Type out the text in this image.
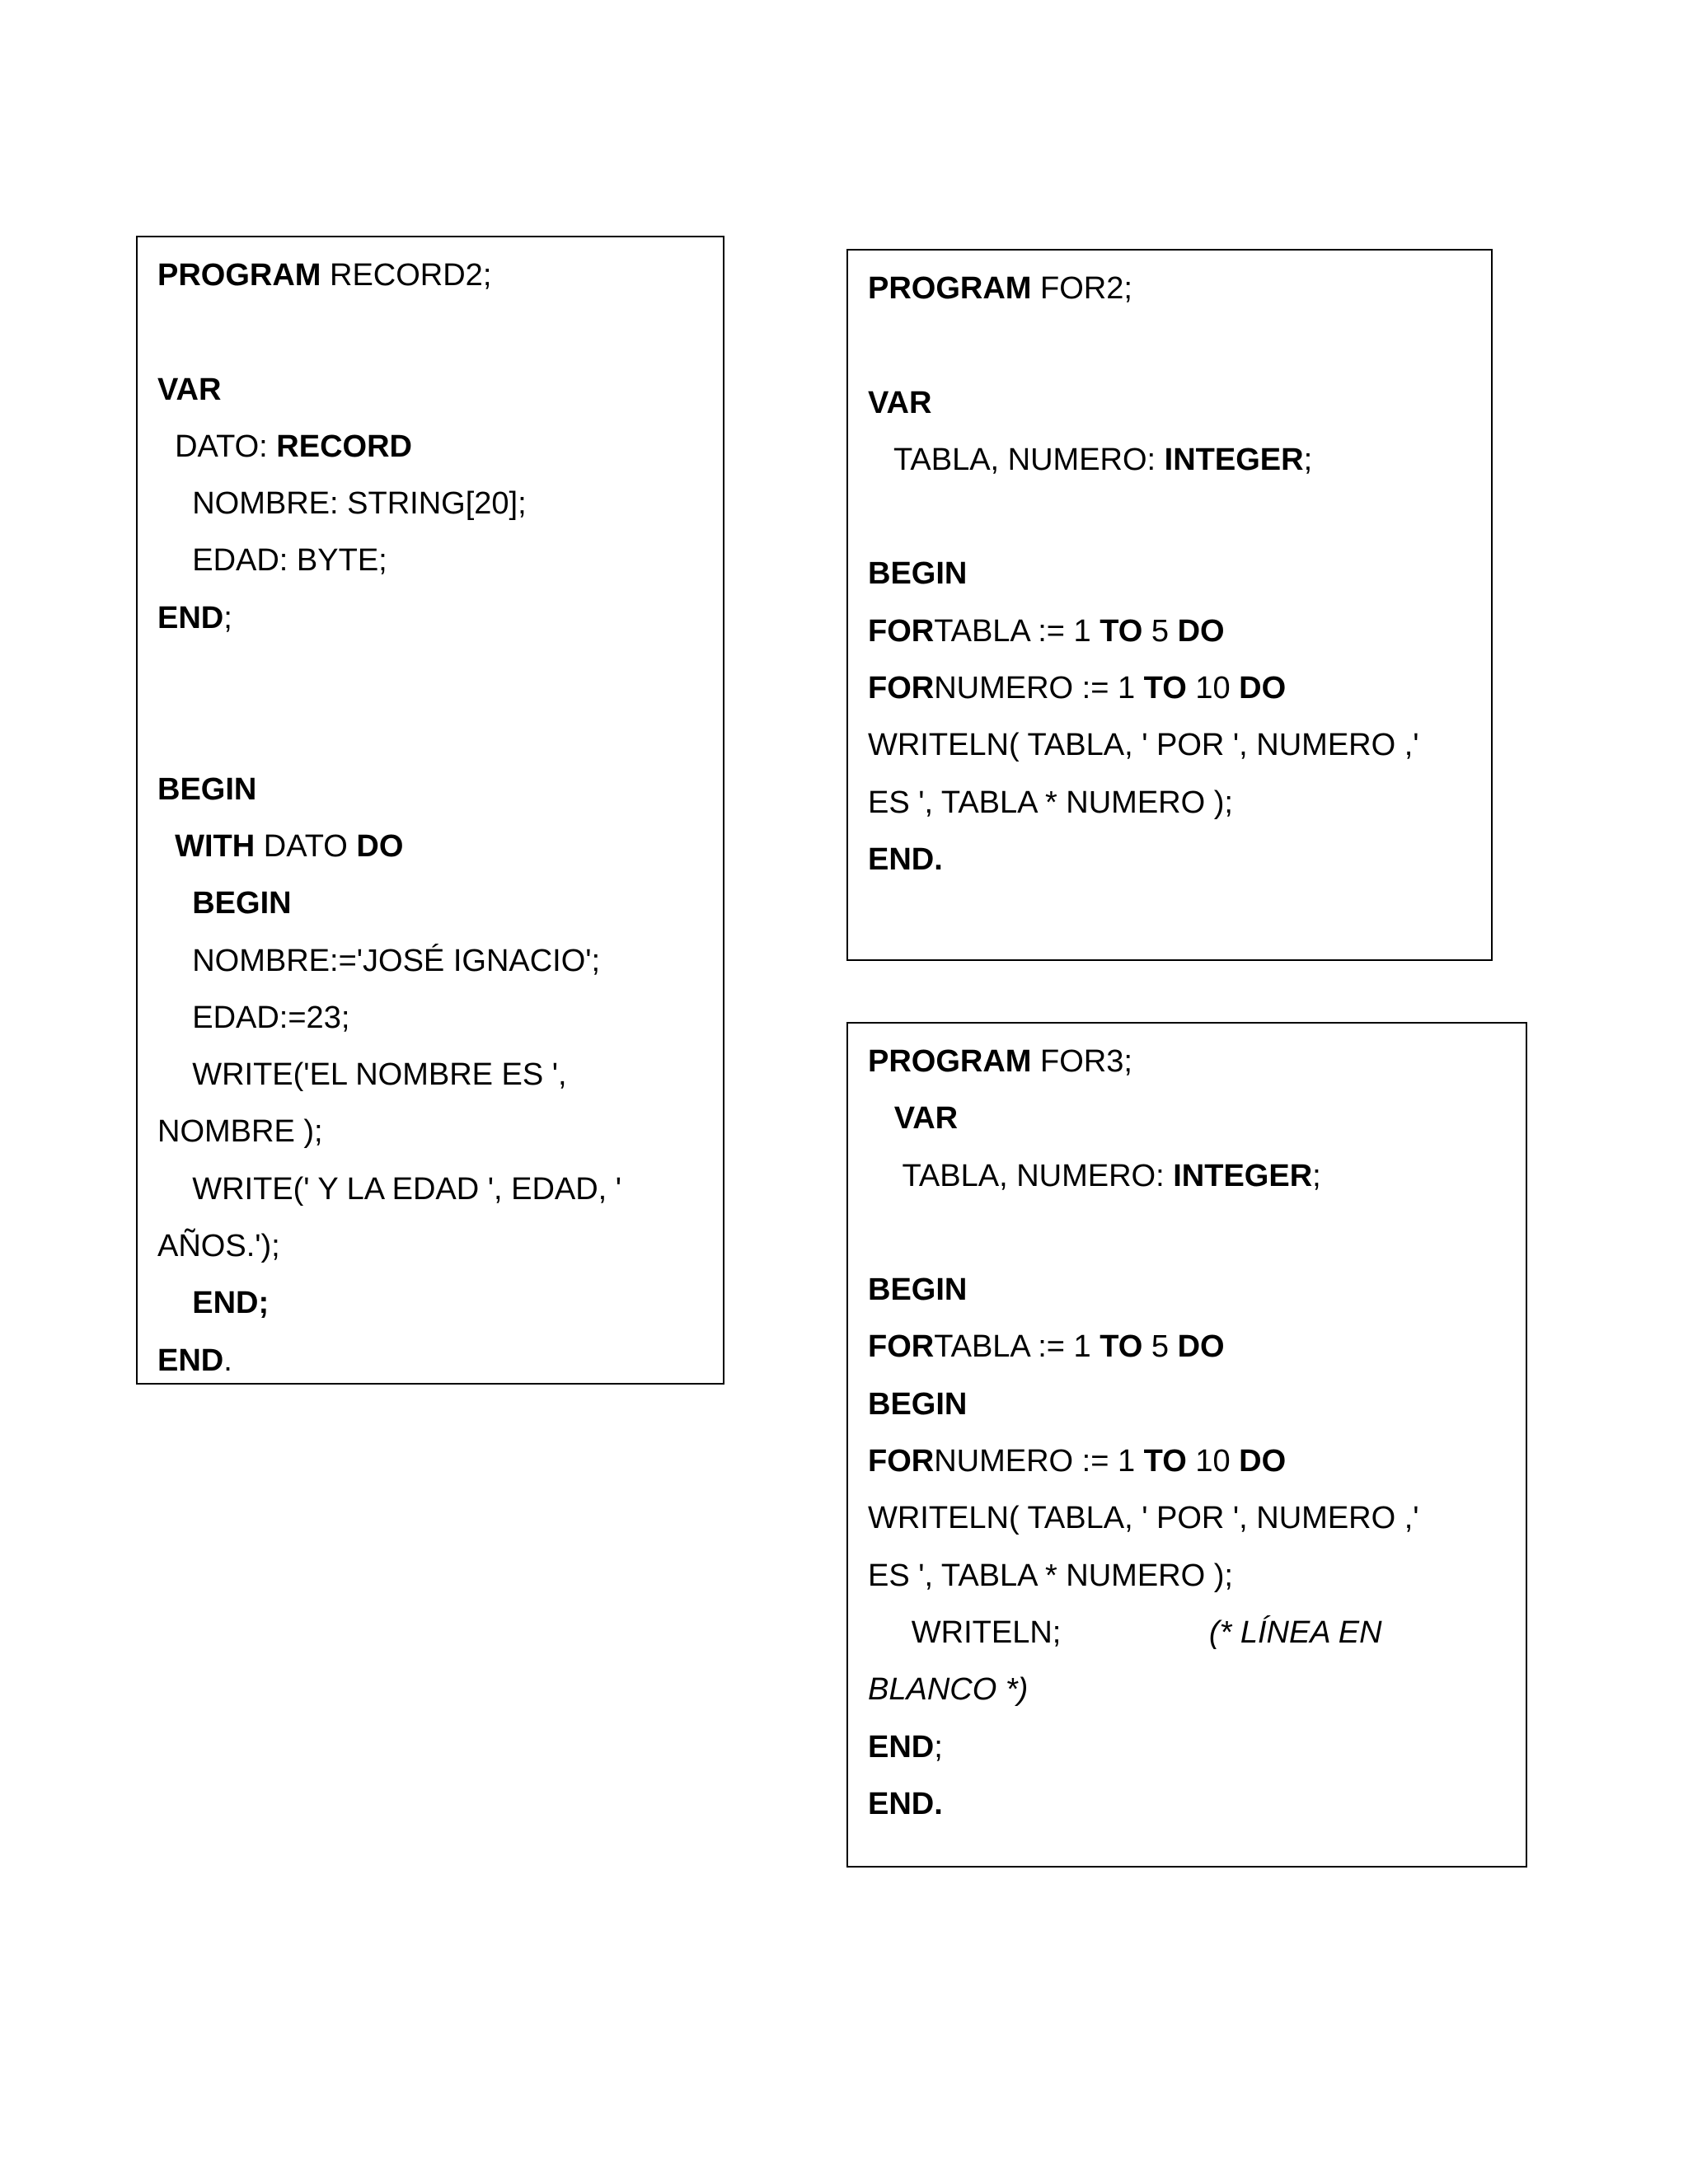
PROGRAM RECORD2;
VAR
DATO: RECORD
NOMBRE: STRING[20];
EDAD: BYTE;
END;
BEGIN
WITH DATO DO
BEGIN
NOMBRE:='JOSÉ IGNACIO';
EDAD:=23;
WRITE('EL NOMBRE ES ',
NOMBRE );
WRITE(' Y LA EDAD ', EDAD, '
AÑOS.');
END;
END.
PROGRAM FOR2;
VAR
TABLA, NUMERO: INTEGER;
BEGIN
FORTABLA := 1 TO 5 DO
FORNUMERO := 1 TO 10 DO
WRITELN( TABLA, ' POR ', NUMERO ,'
ES ', TABLA * NUMERO );
END.
PROGRAM FOR3;
VAR
TABLA, NUMERO: INTEGER;
BEGIN
FORTABLA := 1 TO 5 DO
BEGIN
FORNUMERO := 1 TO 10 DO
WRITELN( TABLA, ' POR ', NUMERO ,'
ES ', TABLA * NUMERO );
WRITELN;                 (* LÍNEA EN
BLANCO *)
END;
END.
